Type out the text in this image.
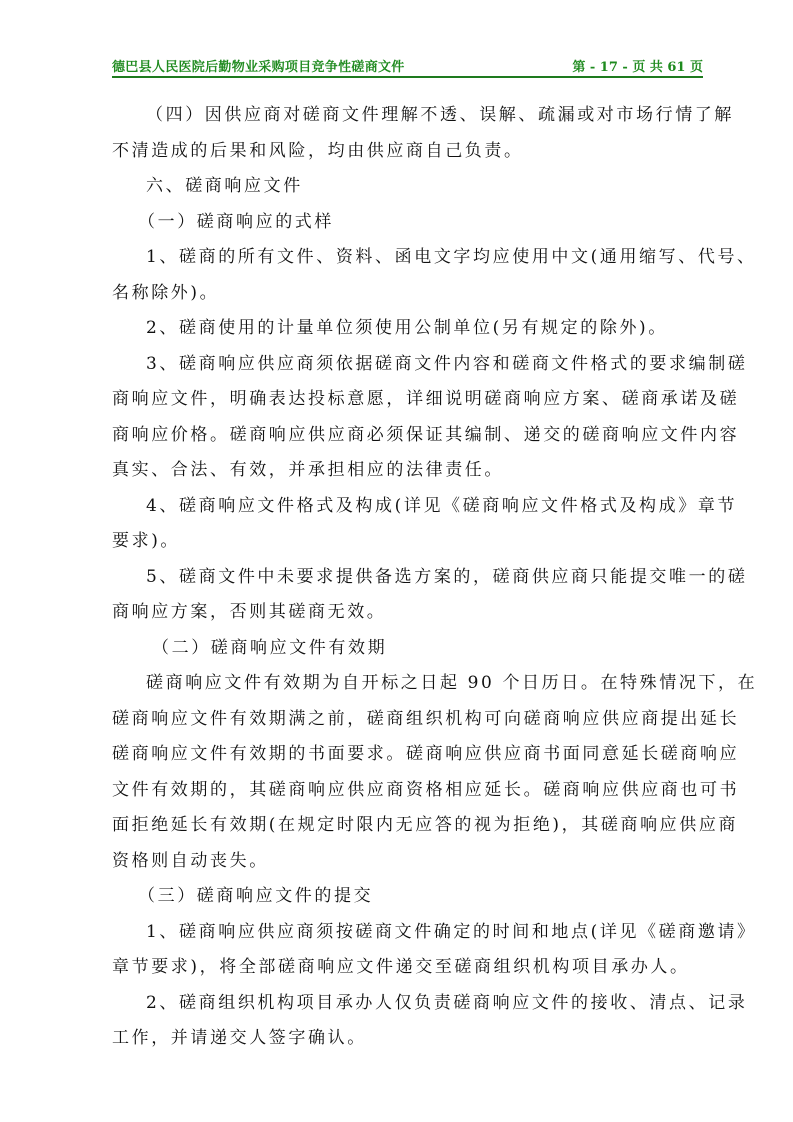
德巴县人民医院后勤物业采购项目竞争性磋商文件	第 - 17 - 页 共 61 页
（四）因供应商对磋商文件理解不透、误解、疏漏或对市场行情了解
不清造成的后果和风险，均由供应商自己负责。
六、磋商响应文件
（一）磋商响应的式样
1、磋商的所有文件、资料、函电文字均应使用中文(通用缩写、代号、
名称除外)。
2、磋商使用的计量单位须使用公制单位(另有规定的除外)。
3、磋商响应供应商须依据磋商文件内容和磋商文件格式的要求编制磋
商响应文件，明确表达投标意愿，详细说明磋商响应方案、磋商承诺及磋
商响应价格。磋商响应供应商必须保证其编制、递交的磋商响应文件内容
真实、合法、有效，并承担相应的法律责任。
4、磋商响应文件格式及构成(详见《磋商响应文件格式及构成》章节
要求)。
5、磋商文件中未要求提供备选方案的，磋商供应商只能提交唯一的磋
商响应方案，否则其磋商无效。
（二）磋商响应文件有效期
磋商响应文件有效期为自开标之日起 90 个日历日。在特殊情况下，在
磋商响应文件有效期满之前，磋商组织机构可向磋商响应供应商提出延长
磋商响应文件有效期的书面要求。磋商响应供应商书面同意延长磋商响应
文件有效期的，其磋商响应供应商资格相应延长。磋商响应供应商也可书
面拒绝延长有效期(在规定时限内无应答的视为拒绝)，其磋商响应供应商
资格则自动丧失。
（三）磋商响应文件的提交
1、磋商响应供应商须按磋商文件确定的时间和地点(详见《磋商邀请》
章节要求)，将全部磋商响应文件递交至磋商组织机构项目承办人。
2、磋商组织机构项目承办人仅负责磋商响应文件的接收、清点、记录
工作，并请递交人签字确认。
